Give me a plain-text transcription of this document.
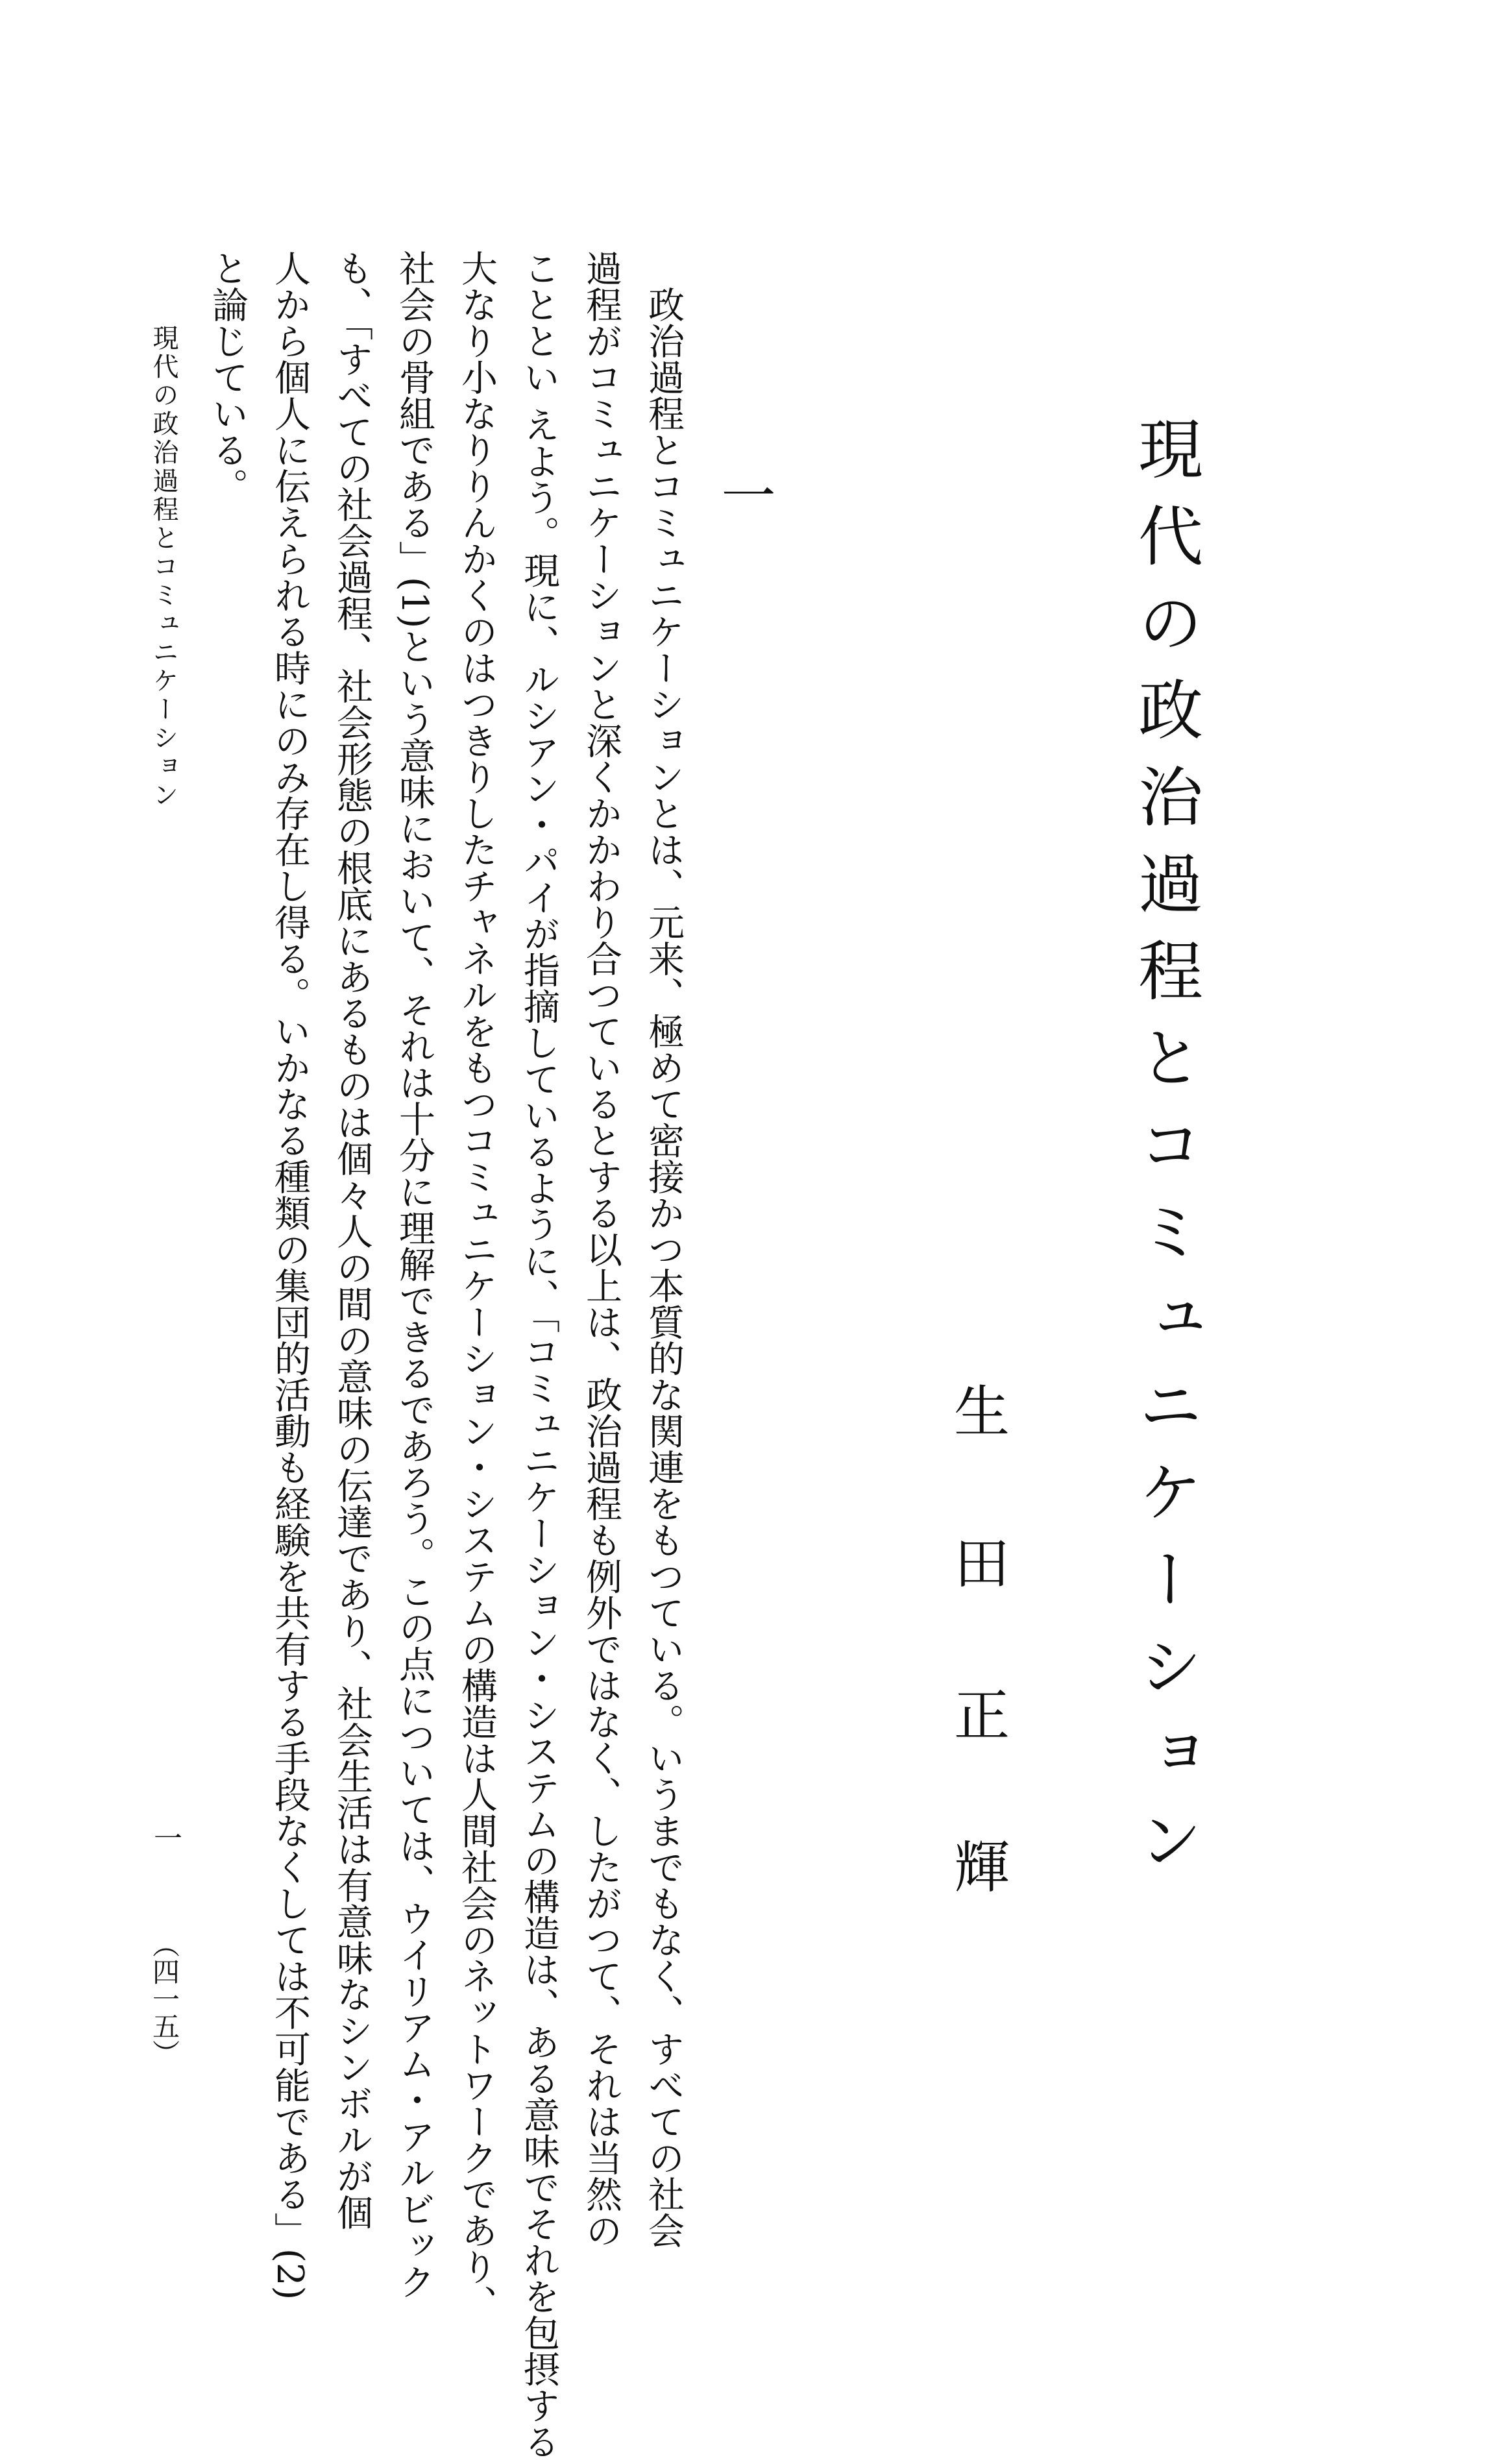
現代の政治過程とコミュニケーション
生田正輝
一
政治過程とコミュニケーションとは、元来、極めて密接かつ本質的な関連をもつている。いうまでもなく、すべての社会
過程がコミュニケーションと深くかかわり合つているとする以上は、政治過程も例外ではなく、したがつて、それは当然の
こととい えよう。現に、ルシアン・パイが指摘しているように、「コミュニケーション・システムの構造は、ある意味でそれを包摂する
大なり小なりりんかくのはつきりしたチャネルをもつコミュニケーション・システムの構造は人間社会のネットワークであり、
社会の骨組である」(1)という意味において、それは十分に理解できるであろう。この点については、ウイリアム・アルビック
も、「すべての社会過程、社会形態の根底にあるものは個々人の間の意味の伝達であり、社会生活は有意味なシンボルが個
人から個人に伝えられる時にのみ存在し得る。いかなる種類の集団的活動も経験を共有する手段なくしては不可能である」(2)
と論じている。
現代の政治過程とコミュニケーション
一
（四一五）
